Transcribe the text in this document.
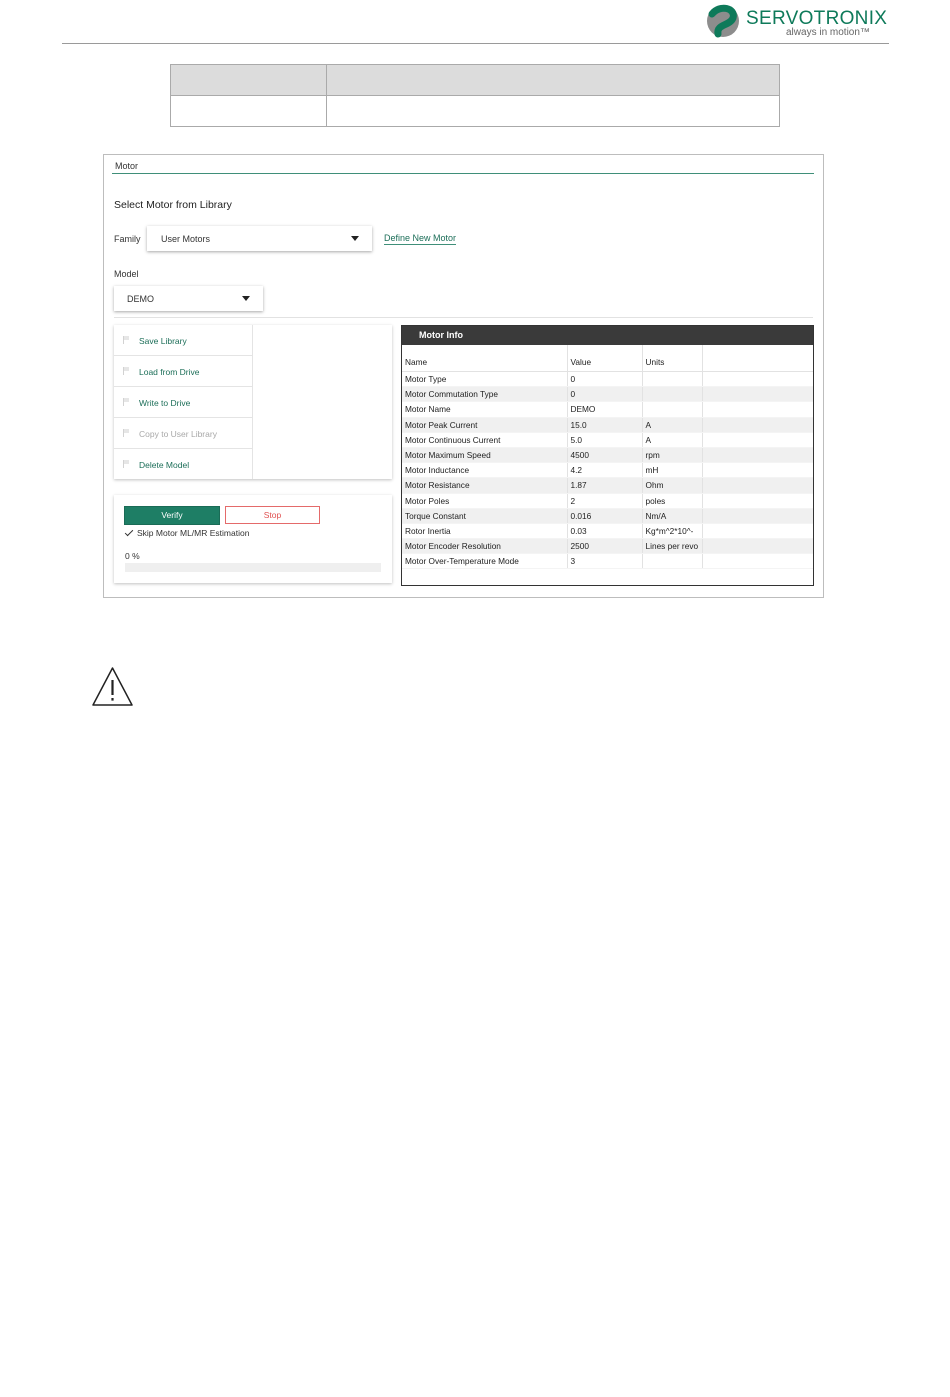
SERVOTRONIX
always in motion™

Motor
Select Motor from Library
Family User Motors	Define New Motor
Model
DEMO
Save Library
Load from Drive
Write to Drive
Copy to User Library
Delete Model
Verify	Stop
Skip Motor ML/MR Estimation
0 %
Motor Info
Name	Value	Units	
Motor Type	0		
Motor Commutation Type	0		
Motor Name	DEMO		
Motor Peak Current	15.0	A	
Motor Continuous Current	5.0	A	
Motor Maximum Speed	4500	rpm	
Motor Inductance	4.2	mH	
Motor Resistance	1.87	Ohm	
Motor Poles	2	poles	
Torque Constant	0.016	Nm/A	
Rotor Inertia	0.03	Kg*m^2*10^-	
Motor Encoder Resolution	2500	Lines per revo	
Motor Over-Temperature Mode	3		
